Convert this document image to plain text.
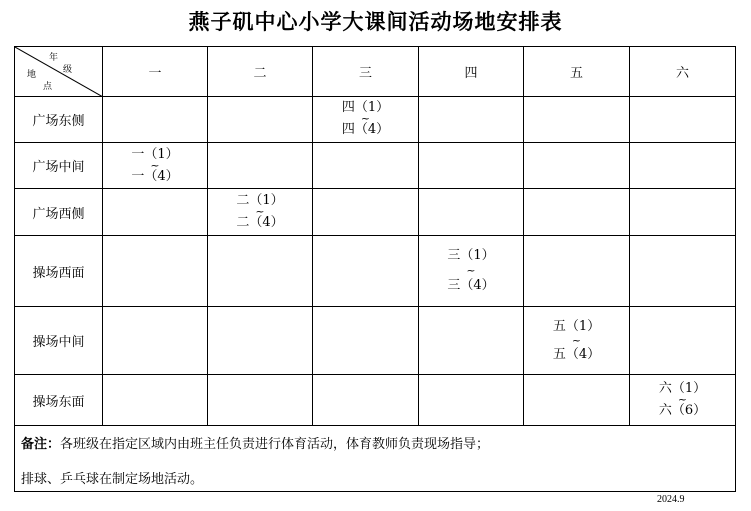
燕子矶中心小学大课间活动场地安排表
年
级
地
点	一	二	三	四	五	六
广场东侧			四（1）
~
四（4）			

广场中间	一（1）
~
一（4）					

广场西侧		二（1）
~
二（4）				

操场西面				三（1）
~
三（4）		

操场中间					五（1）
~
五（4）	

操场东面						六（1）
~
六（6）

备注：各班级在指定区域内由班主任负责进行体育活动，体育教师负责现场指导；
排球、乒乓球在制定场地活动。						
2024.9
